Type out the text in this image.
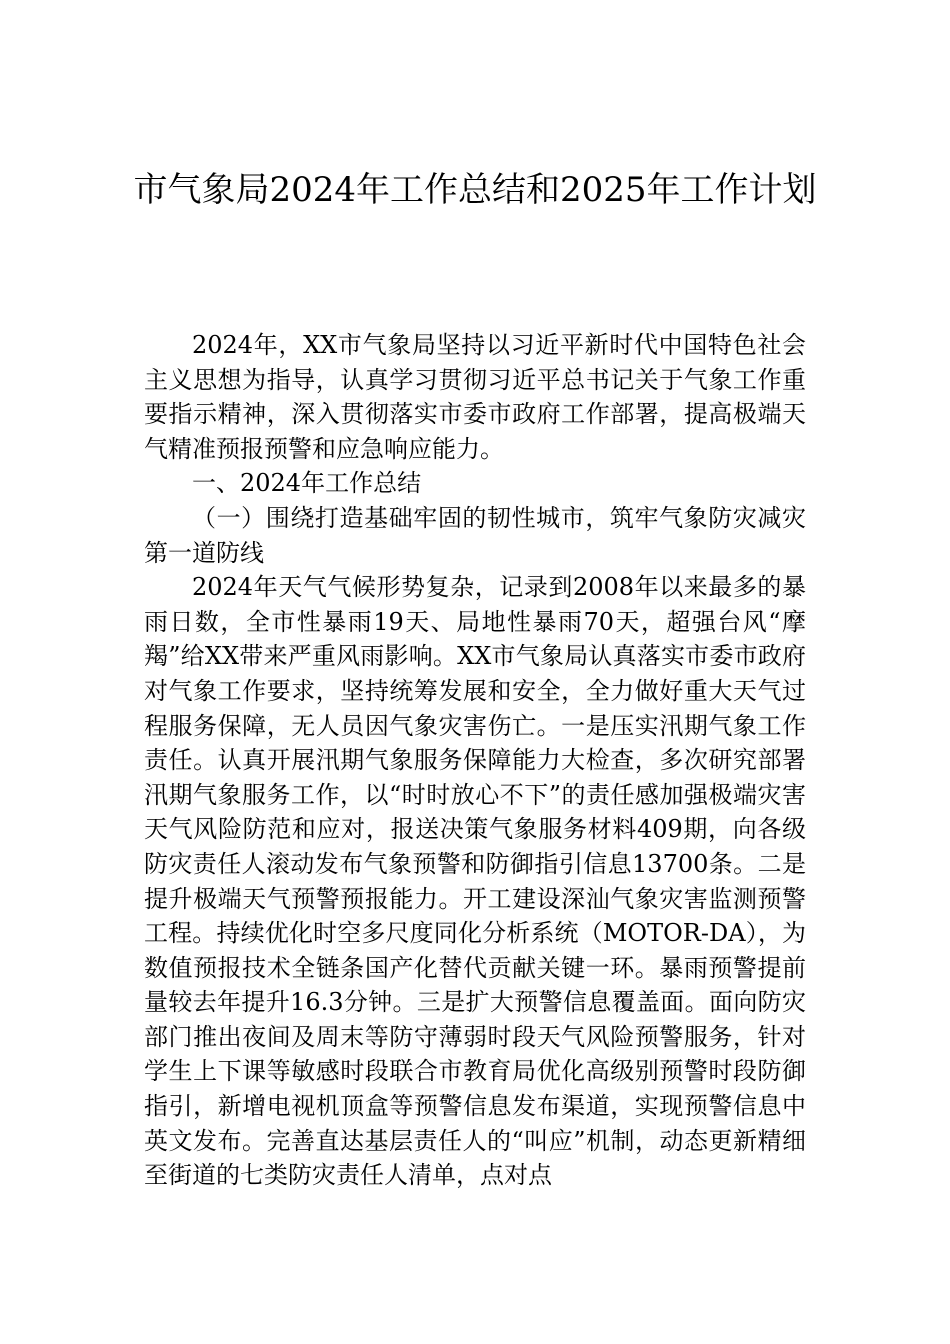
市气象局2024年工作总结和2025年工作计划

2024年，XX市气象局坚持以习近平新时代中国特色社会主义思想为指导，认真学习贯彻习近平总书记关于气象工作重要指示精神，深入贯彻落实市委市政府工作部署，提高极端天气精准预报预警和应急响应能力。

一、2024年工作总结

（一）围绕打造基础牢固的韧性城市，筑牢气象防灾减灾第一道防线

2024年天气气候形势复杂，记录到2008年以来最多的暴雨日数，全市性暴雨19天、局地性暴雨70天，超强台风“摩羯”给XX带来严重风雨影响。XX市气象局认真落实市委市政府对气象工作要求，坚持统筹发展和安全，全力做好重大天气过程服务保障，无人员因气象灾害伤亡。一是压实汛期气象工作责任。认真开展汛期气象服务保障能力大检查，多次研究部署汛期气象服务工作，以“时时放心不下”的责任感加强极端灾害天气风险防范和应对，报送决策气象服务材料409期，向各级防灾责任人滚动发布气象预警和防御指引信息13700条。二是提升极端天气预警预报能力。开工建设深汕气象灾害监测预警工程。持续优化时空多尺度同化分析系统（MOTOR-DA），为数值预报技术全链条国产化替代贡献关键一环。暴雨预警提前量较去年提升16.3分钟。三是扩大预警信息覆盖面。面向防灾部门推出夜间及周末等防守薄弱时段天气风险预警服务，针对学生上下课等敏感时段联合市教育局优化高级别预警时段防御指引，新增电视机顶盒等预警信息发布渠道，实现预警信息中英文发布。完善直达基层责任人的“叫应”机制，动态更新精细至街道的七类防灾责任人清单，点对点
